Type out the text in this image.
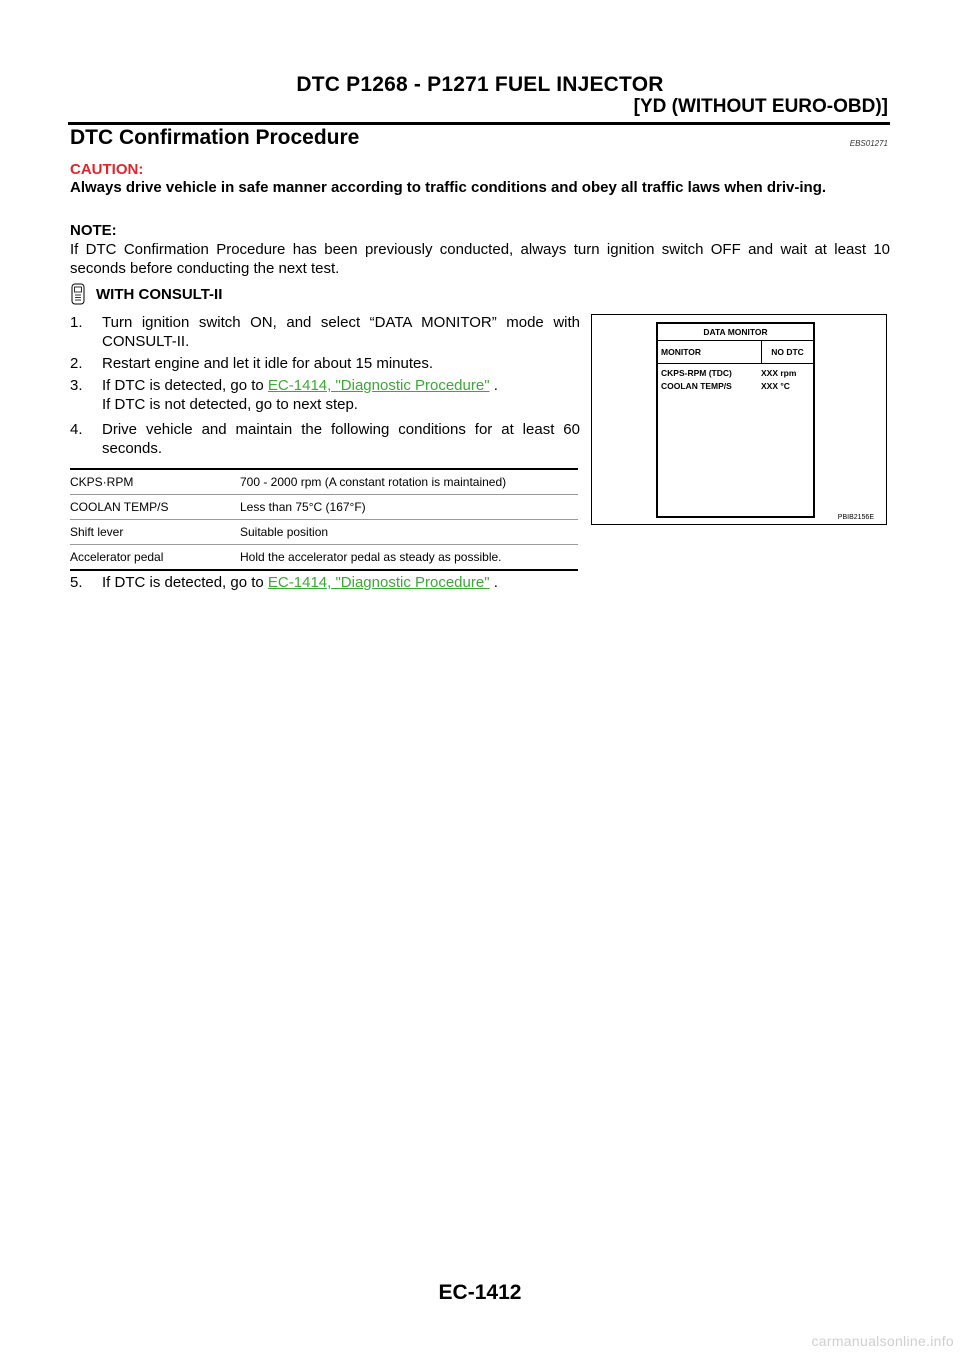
DTC P1268 - P1271 FUEL INJECTOR
[YD (WITHOUT EURO-OBD)]
DTC Confirmation Procedure	EBS01271
CAUTION:
Always drive vehicle in safe manner according to traffic conditions and obey all traffic laws when driv-ing.
NOTE:
If DTC Confirmation Procedure has been previously conducted, always turn ignition switch OFF and wait at least 10 seconds before conducting the next test.
WITH CONSULT-II
1. Turn ignition switch ON, and select “DATA MONITOR” mode with CONSULT-II.
2. Restart engine and let it idle for about 15 minutes.
3. If DTC is detected, go to EC-1414, "Diagnostic Procedure" .
If DTC is not detected, go to next step.
4. Drive vehicle and maintain the following conditions for at least 60 seconds.
CKPS·RPM	700 - 2000 rpm (A constant rotation is maintained)
COOLAN TEMP/S	Less than 75°C (167°F)
Shift lever	Suitable position
Accelerator pedal	Hold the accelerator pedal as steady as possible.
5. If DTC is detected, go to EC-1414, "Diagnostic Procedure" .
DATA MONITOR
MONITOR	NO DTC
CKPS-RPM (TDC)	XXX rpm
COOLAN TEMP/S	XXX °C
PBIB2156E
EC-1412
carmanualsonline.info
